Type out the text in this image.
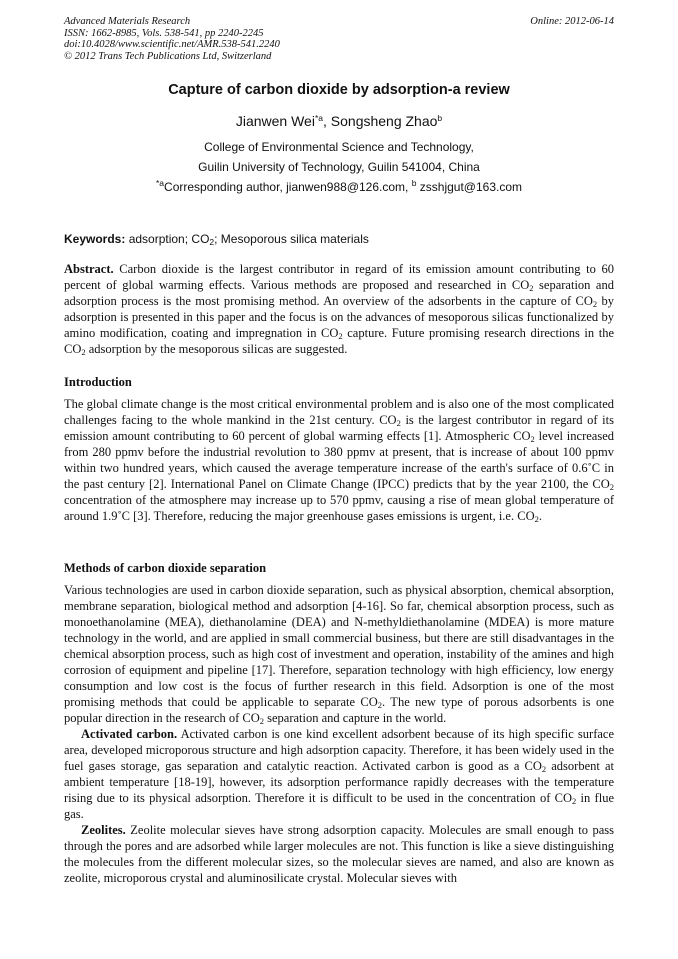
Advanced Materials Research
ISSN: 1662-8985, Vols. 538-541, pp 2240-2245
doi:10.4028/www.scientific.net/AMR.538-541.2240
© 2012 Trans Tech Publications Ltd, Switzerland
Online: 2012-06-14
Capture of carbon dioxide by adsorption-a review
Jianwen Wei$^{*a}$, Songsheng Zhao$^b$
College of Environmental Science and Technology,
Guilin University of Technology, Guilin 541004, China
$^{*a}$Corresponding author, jianwen988@126.com, $^b$ zsshjgut@163.com
Keywords: adsorption; $CO_2$; Mesoporous silica materials

Abstract. Carbon dioxide is the largest contributor in regard of its emission amount contributing to 60 percent of global warming effects. Various methods are proposed and researched in $CO_2$ separation and adsorption process is the most promising method. An overview of the adsorbents in the capture of $CO_2$ by adsorption is presented in this paper and the focus is on the advances of mesoporous silicas functionalized by amino modification, coating and impregnation in $CO_2$ capture. Future promising research directions in the $CO_2$ adsorption by the mesoporous silicas are suggested.

Introduction

The global climate change is the most critical environmental problem and is also one of the most complicated challenges facing to the whole mankind in the 21st century. $CO_2$ is the largest contributor in regard of its emission amount contributing to 60 percent of global warming effects [1]. Atmospheric $CO_2$ level increased from 280 ppmv before the industrial revolution to 380 ppmv at present, that is increase of about 100 ppmv within two hundred years, which caused the average temperature increase of the earth's surface of 0.6˚C in the past century [2]. International Panel on Climate Change (IPCC) predicts that by the year 2100, the $CO_2$ concentration of the atmosphere may increase up to 570 ppmv, causing a rise of mean global temperature of around 1.9˚C [3]. Therefore, reducing the major greenhouse gases emissions is urgent, i.e. $CO_2$.

Methods of carbon dioxide separation

Various technologies are used in carbon dioxide separation, such as physical absorption, chemical absorption, membrane separation, biological method and adsorption [4-16]. So far, chemical absorption process, such as monoethanolamine (MEA), diethanolamine (DEA) and N-methyldiethanolamine (MDEA) is more mature technology in the world, and are applied in small commercial business, but there are still disadvantages in the chemical absorption process, such as high cost of investment and operation, instability of the amines and high corrosion of equipment and pipeline [17]. Therefore, separation technology with high efficiency, low energy consumption and low cost is the focus of further research in this field. Adsorption is one of the most promising methods that could be applicable to separate $CO_2$. The new type of porous adsorbents is one popular direction in the research of $CO_2$ separation and capture in the world.

Activated carbon. Activated carbon is one kind excellent adsorbent because of its high specific surface area, developed microporous structure and high adsorption capacity. Therefore, it has been widely used in the fuel gases storage, gas separation and catalytic reaction. Activated carbon is good as a $CO_2$ adsorbent at ambient temperature [18-19], however, its adsorption performance rapidly decreases with the temperature rising due to its physical adsorption. Therefore it is difficult to be used in the concentration of $CO_2$ in flue gas.

Zeolites. Zeolite molecular sieves have strong adsorption capacity. Molecules are small enough to pass through the pores and are adsorbed while larger molecules are not. This function is like a sieve distinguishing the molecules from the different molecular sizes, so the molecular sieves are named, and also are known as zeolite, microporous crystal and aluminosilicate crystal. Molecular sieves with
